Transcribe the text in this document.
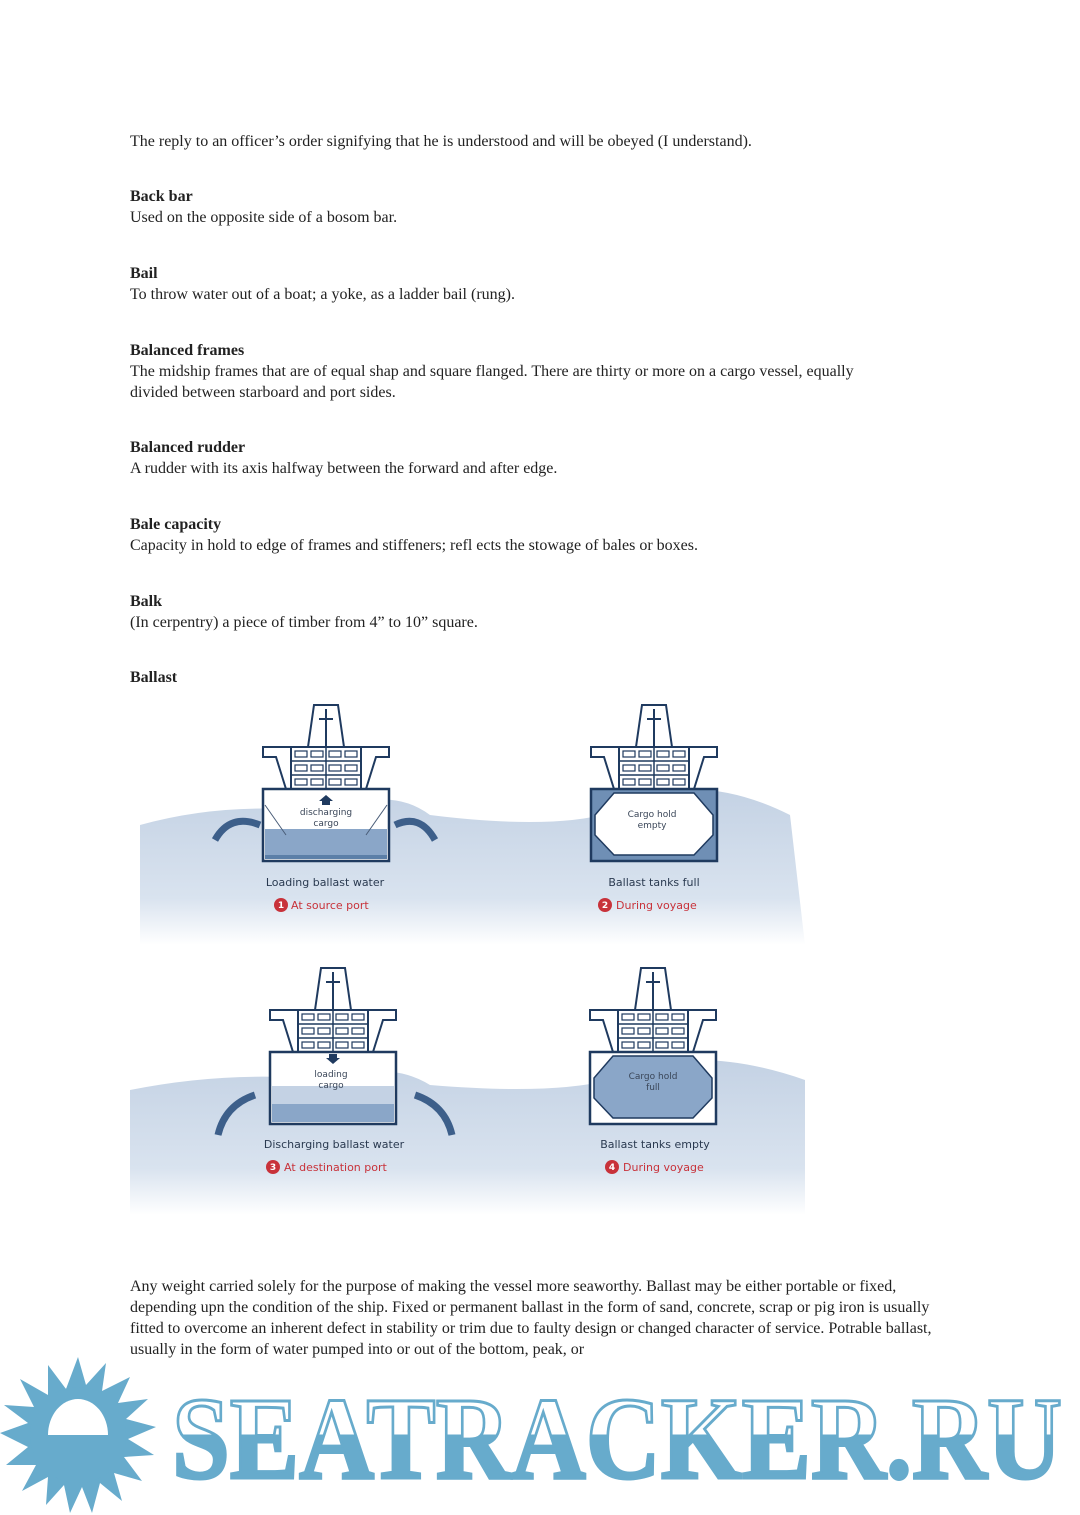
The reply to an officer’s order signifying that he is understood and will be obeyed (I understand).

Back bar

Used on the opposite side of a bosom bar.

Bail

To throw water out of a boat; a yoke, as a ladder bail (rung).

Balanced frames

The midship frames that are of equal shap and square flanged. There are thirty or more on a cargo vessel, equally divided between starboard and port sides.

Balanced rudder

A rudder with its axis halfway between the forward and after edge.

Bale capacity

Capacity in hold to edge of frames and stiffeners; refl ects the stowage of bales or boxes.

Balk

(In cerpentry) a piece of timber from 4” to 10” square.

Ballast

discharging
cargo
Loading ballast water
1 At source port
Cargo hold
empty
Ballast tanks full
2 During voyage
loading
cargo
Discharging ballast water
3 At destination port
Cargo hold
full
Ballast tanks empty
4 During voyage

Any weight carried solely for the purpose of making the vessel more seaworthy. Ballast may be either portable or fixed, depending upn the condition of the ship. Fixed or permanent ballast in the form of sand, concrete, scrap or pig iron is usually fitted to overcome an inherent defect in stability or trim due to faulty design or changed character of service. Potrable ballast, usually in the form of water pumped into or out of the bottom, peak, or

SEATRACKER.RU
